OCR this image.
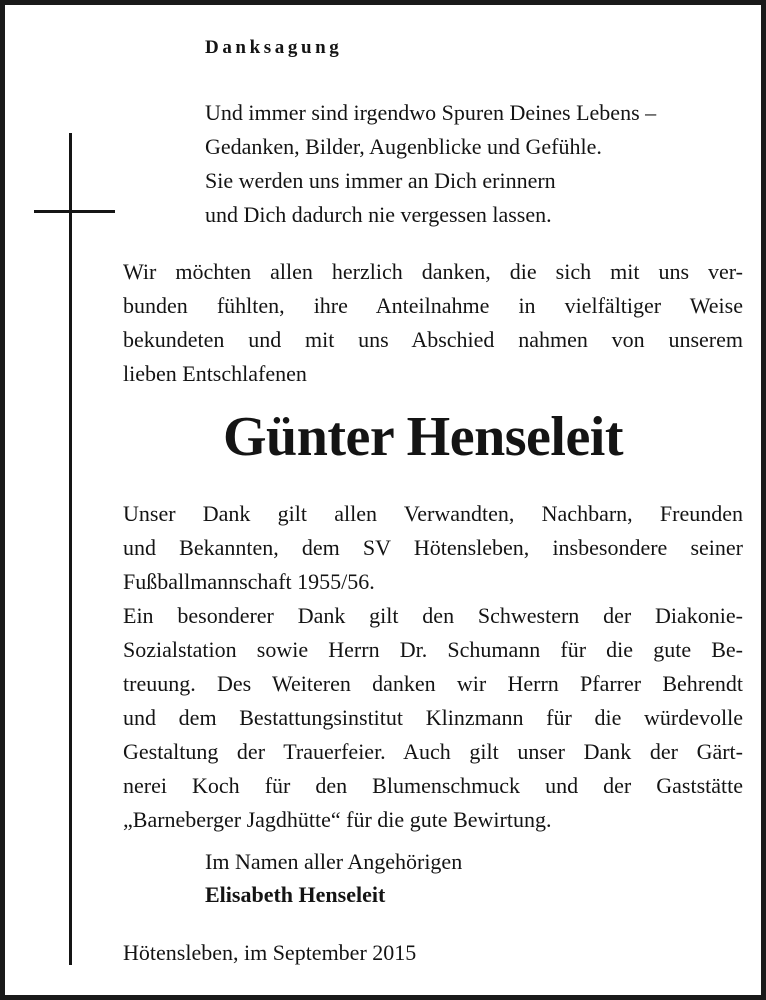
Danksagung
Und immer sind irgendwo Spuren Deines Lebens –
Gedanken, Bilder, Augenblicke und Gefühle.
Sie werden uns immer an Dich erinnern
und Dich dadurch nie vergessen lassen.
Wir möchten allen herzlich danken, die sich mit uns ver-
bunden fühlten, ihre Anteilnahme in vielfältiger Weise
bekundeten und mit uns Abschied nahmen von unserem
lieben Entschlafenen
Günter Henseleit
Unser Dank gilt allen Verwandten, Nachbarn, Freunden
und Bekannten, dem SV Hötensleben, insbesondere seiner
Fußballmannschaft 1955/56.
Ein besonderer Dank gilt den Schwestern der Diakonie-
Sozialstation sowie Herrn Dr. Schumann für die gute Be-
treuung. Des Weiteren danken wir Herrn Pfarrer Behrendt
und dem Bestattungsinstitut Klinzmann für die würdevolle
Gestaltung der Trauerfeier. Auch gilt unser Dank der Gärt-
nerei Koch für den Blumenschmuck und der Gaststätte
„Barneberger Jagdhütte“ für die gute Bewirtung.
Im Namen aller Angehörigen
Elisabeth Henseleit
Hötensleben, im September 2015
